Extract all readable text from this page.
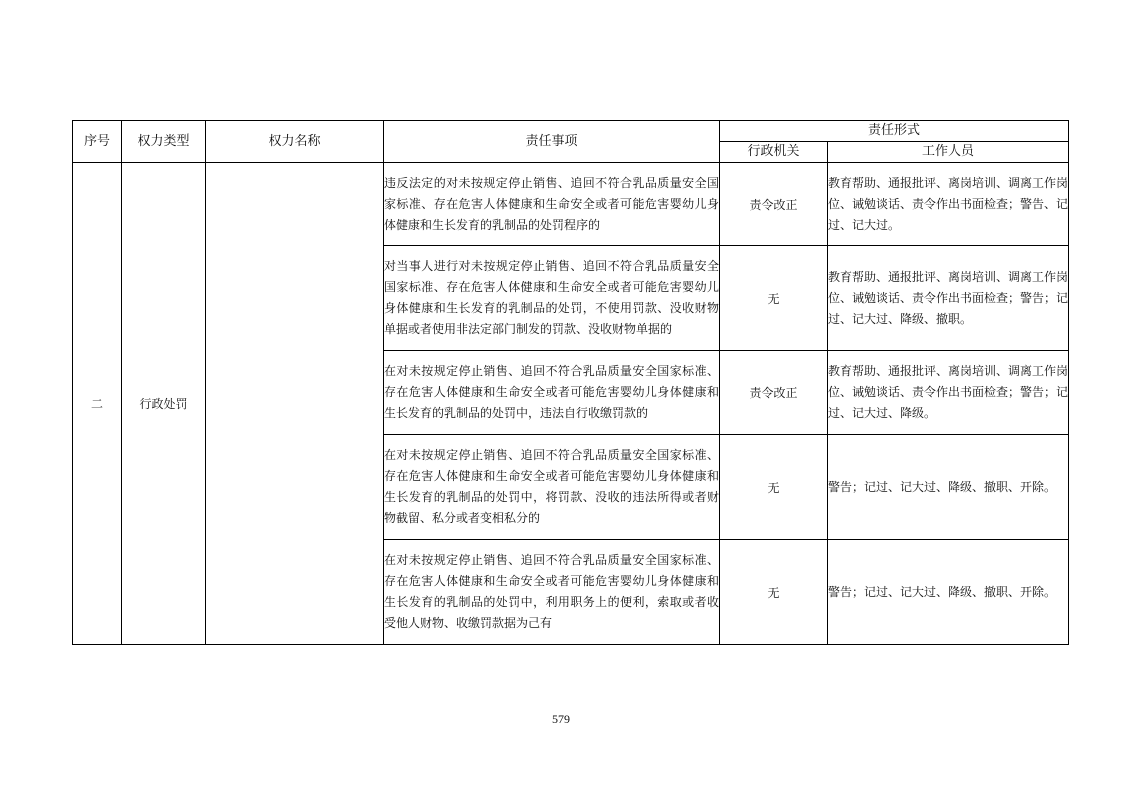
序号	权力类型	权力名称	责任事项	责任形式	
				行政机关	工作人员
二	行政处罚		违反法定的对未按规定停止销售、追回不符合乳品质量安全国家标准、存在危害人体健康和生命安全或者可能危害婴幼儿身体健康和生长发育的乳制品的处罚程序的	责令改正	教育帮助、通报批评、离岗培训、调离工作岗位、诫勉谈话、责令作出书面检查；警告、记过、记大过。
			对当事人进行对未按规定停止销售、追回不符合乳品质量安全国家标准、存在危害人体健康和生命安全或者可能危害婴幼儿身体健康和生长发育的乳制品的处罚，不使用罚款、没收财物单据或者使用非法定部门制发的罚款、没收财物单据的	无	教育帮助、通报批评、离岗培训、调离工作岗位、诫勉谈话、责令作出书面检查；警告；记过、记大过、降级、撤职。
			在对未按规定停止销售、追回不符合乳品质量安全国家标准、存在危害人体健康和生命安全或者可能危害婴幼儿身体健康和生长发育的乳制品的处罚中，违法自行收缴罚款的	责令改正	教育帮助、通报批评、离岗培训、调离工作岗位、诫勉谈话、责令作出书面检查；警告；记过、记大过、降级。
			在对未按规定停止销售、追回不符合乳品质量安全国家标准、存在危害人体健康和生命安全或者可能危害婴幼儿身体健康和生长发育的乳制品的处罚中，将罚款、没收的违法所得或者财物截留、私分或者变相私分的	无	警告；记过、记大过、降级、撤职、开除。
			在对未按规定停止销售、追回不符合乳品质量安全国家标准、存在危害人体健康和生命安全或者可能危害婴幼儿身体健康和生长发育的乳制品的处罚中，利用职务上的便利，索取或者收受他人财物、收缴罚款据为己有	无	警告；记过、记大过、降级、撤职、开除。
579
